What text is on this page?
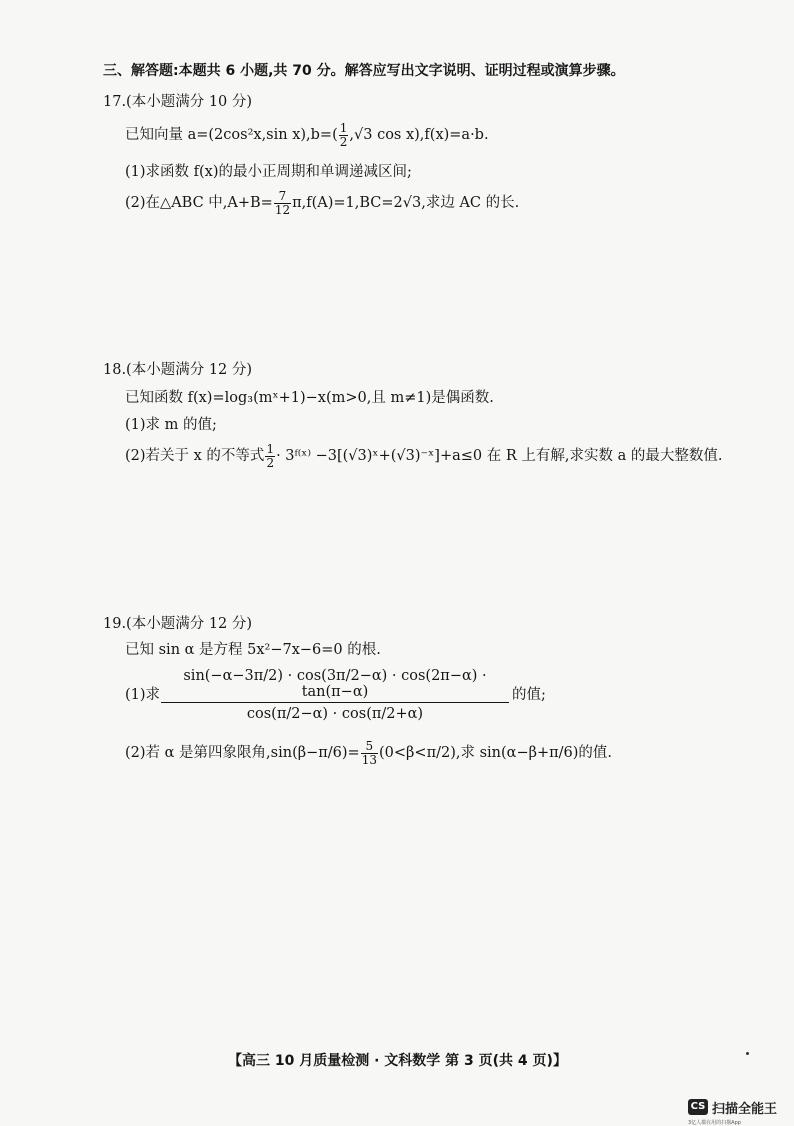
三、解答题:本题共 6 小题,共 70 分。解答应写出文字说明、证明过程或演算步骤。
17.(本小题满分 10 分)
已知向量 a=(2cos²x,sin $x),b=( \frac{1}{2} ,√3$ cos x),f(x)=a·b.
(1)求函数 f(x)的最小正周期和单调递减区间;
(2)在△ABC 中$,A+B= \frac{7}{12} \pi,f(A)=1,BC=2√3$,求边 AC 的长.
18.(本小题满分 12 分)
已知函数 f(x)=log₃(mˣ+1)−x(m>0,且 m≠1)是偶函数.
(1)求 m 的值;
(2)若关于 x 的不等式 $\frac{1}{2}$ · 3ᶠ⁽ˣ⁾ −3[(√3)ˣ+(√3)⁻ˣ]+a≤0 在 R 上有解,求实数 a 的最大整数值.
19.(本小题满分 12 分)
已知 sin α 是方程 5x²−7x−6=0 的根.
(1)求 $\frac{\sin(-\alpha-3\pi/2) \cdot \cos(3\pi/2-\alpha) \cdot \cos(2\pi-\alpha) \cdot \tan(\pi-\alpha)}{\cos(\pi/2-\alpha) \cdot \cos(\pi/2+\alpha)}$ 的值;
(2)若 α 是第四象限角$,\sin(\beta-\pi/6)= \frac{5}{13} (0<\beta<\pi/2)$,求 sin(α−β+π/6)的值.
【高三 10 月质量检测 · 文科数学 第 3 页(共 4 页)】
CS 扫描全能王
3亿人都在用的扫描App
